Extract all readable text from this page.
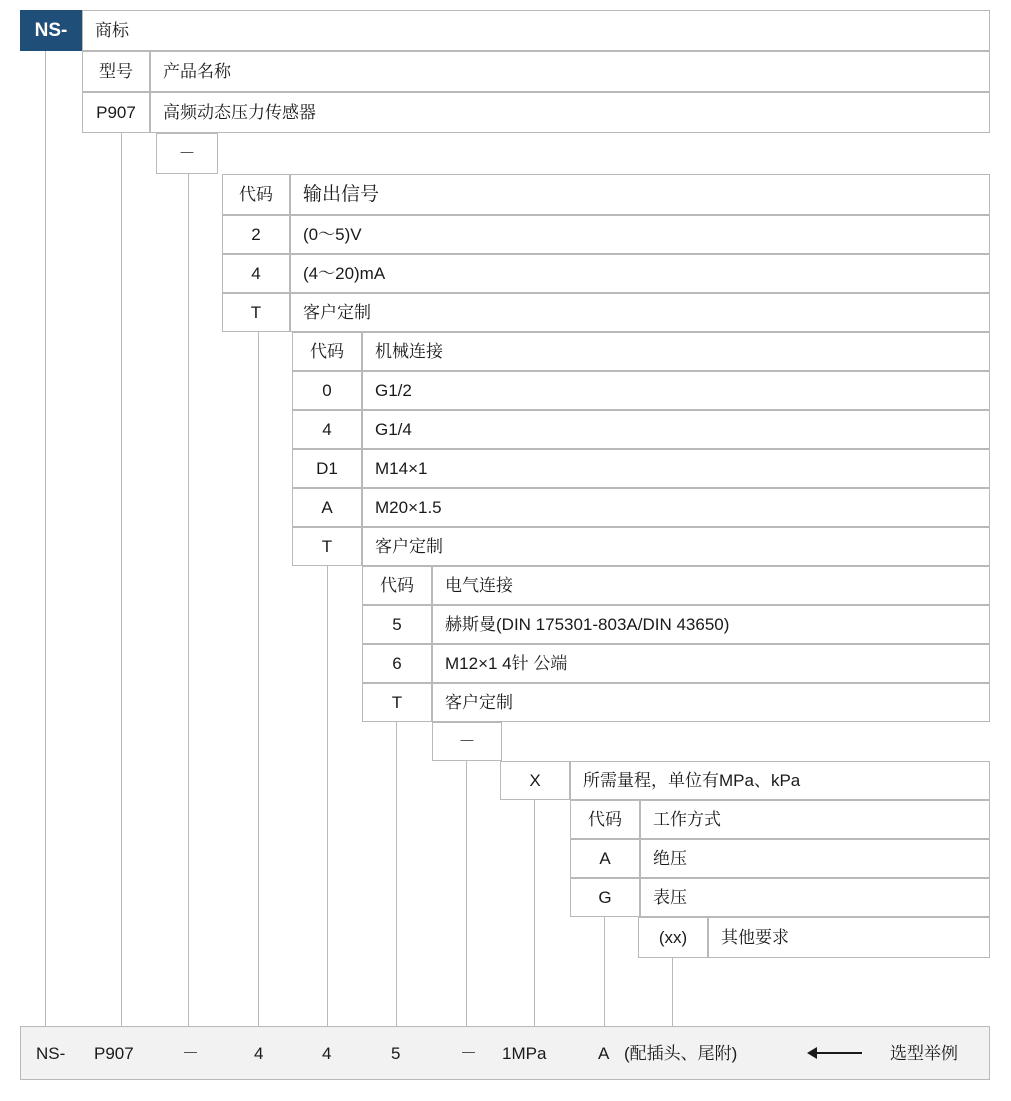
NS-	商标
型号	产品名称
P907	高频动态压力传感器
－
代码	输出信号
2	(0～5)V
4	(4～20)mA
T	客户定制
代码	机械连接
0	G1/2
4	G1/4
D1	M14×1
A	M20×1.5
T	客户定制
代码	电气连接
5	赫斯曼(DIN 175301-803A/DIN 43650)
6	M12×1 4针 公端
T	客户定制
－
X	所需量程，单位有MPa、kPa
代码	工作方式
A	绝压
G	表压
(xx)	其他要求
NS- P907	－	4	4	5	－ 1MPa	A (配插头、尾附)	选型举例
